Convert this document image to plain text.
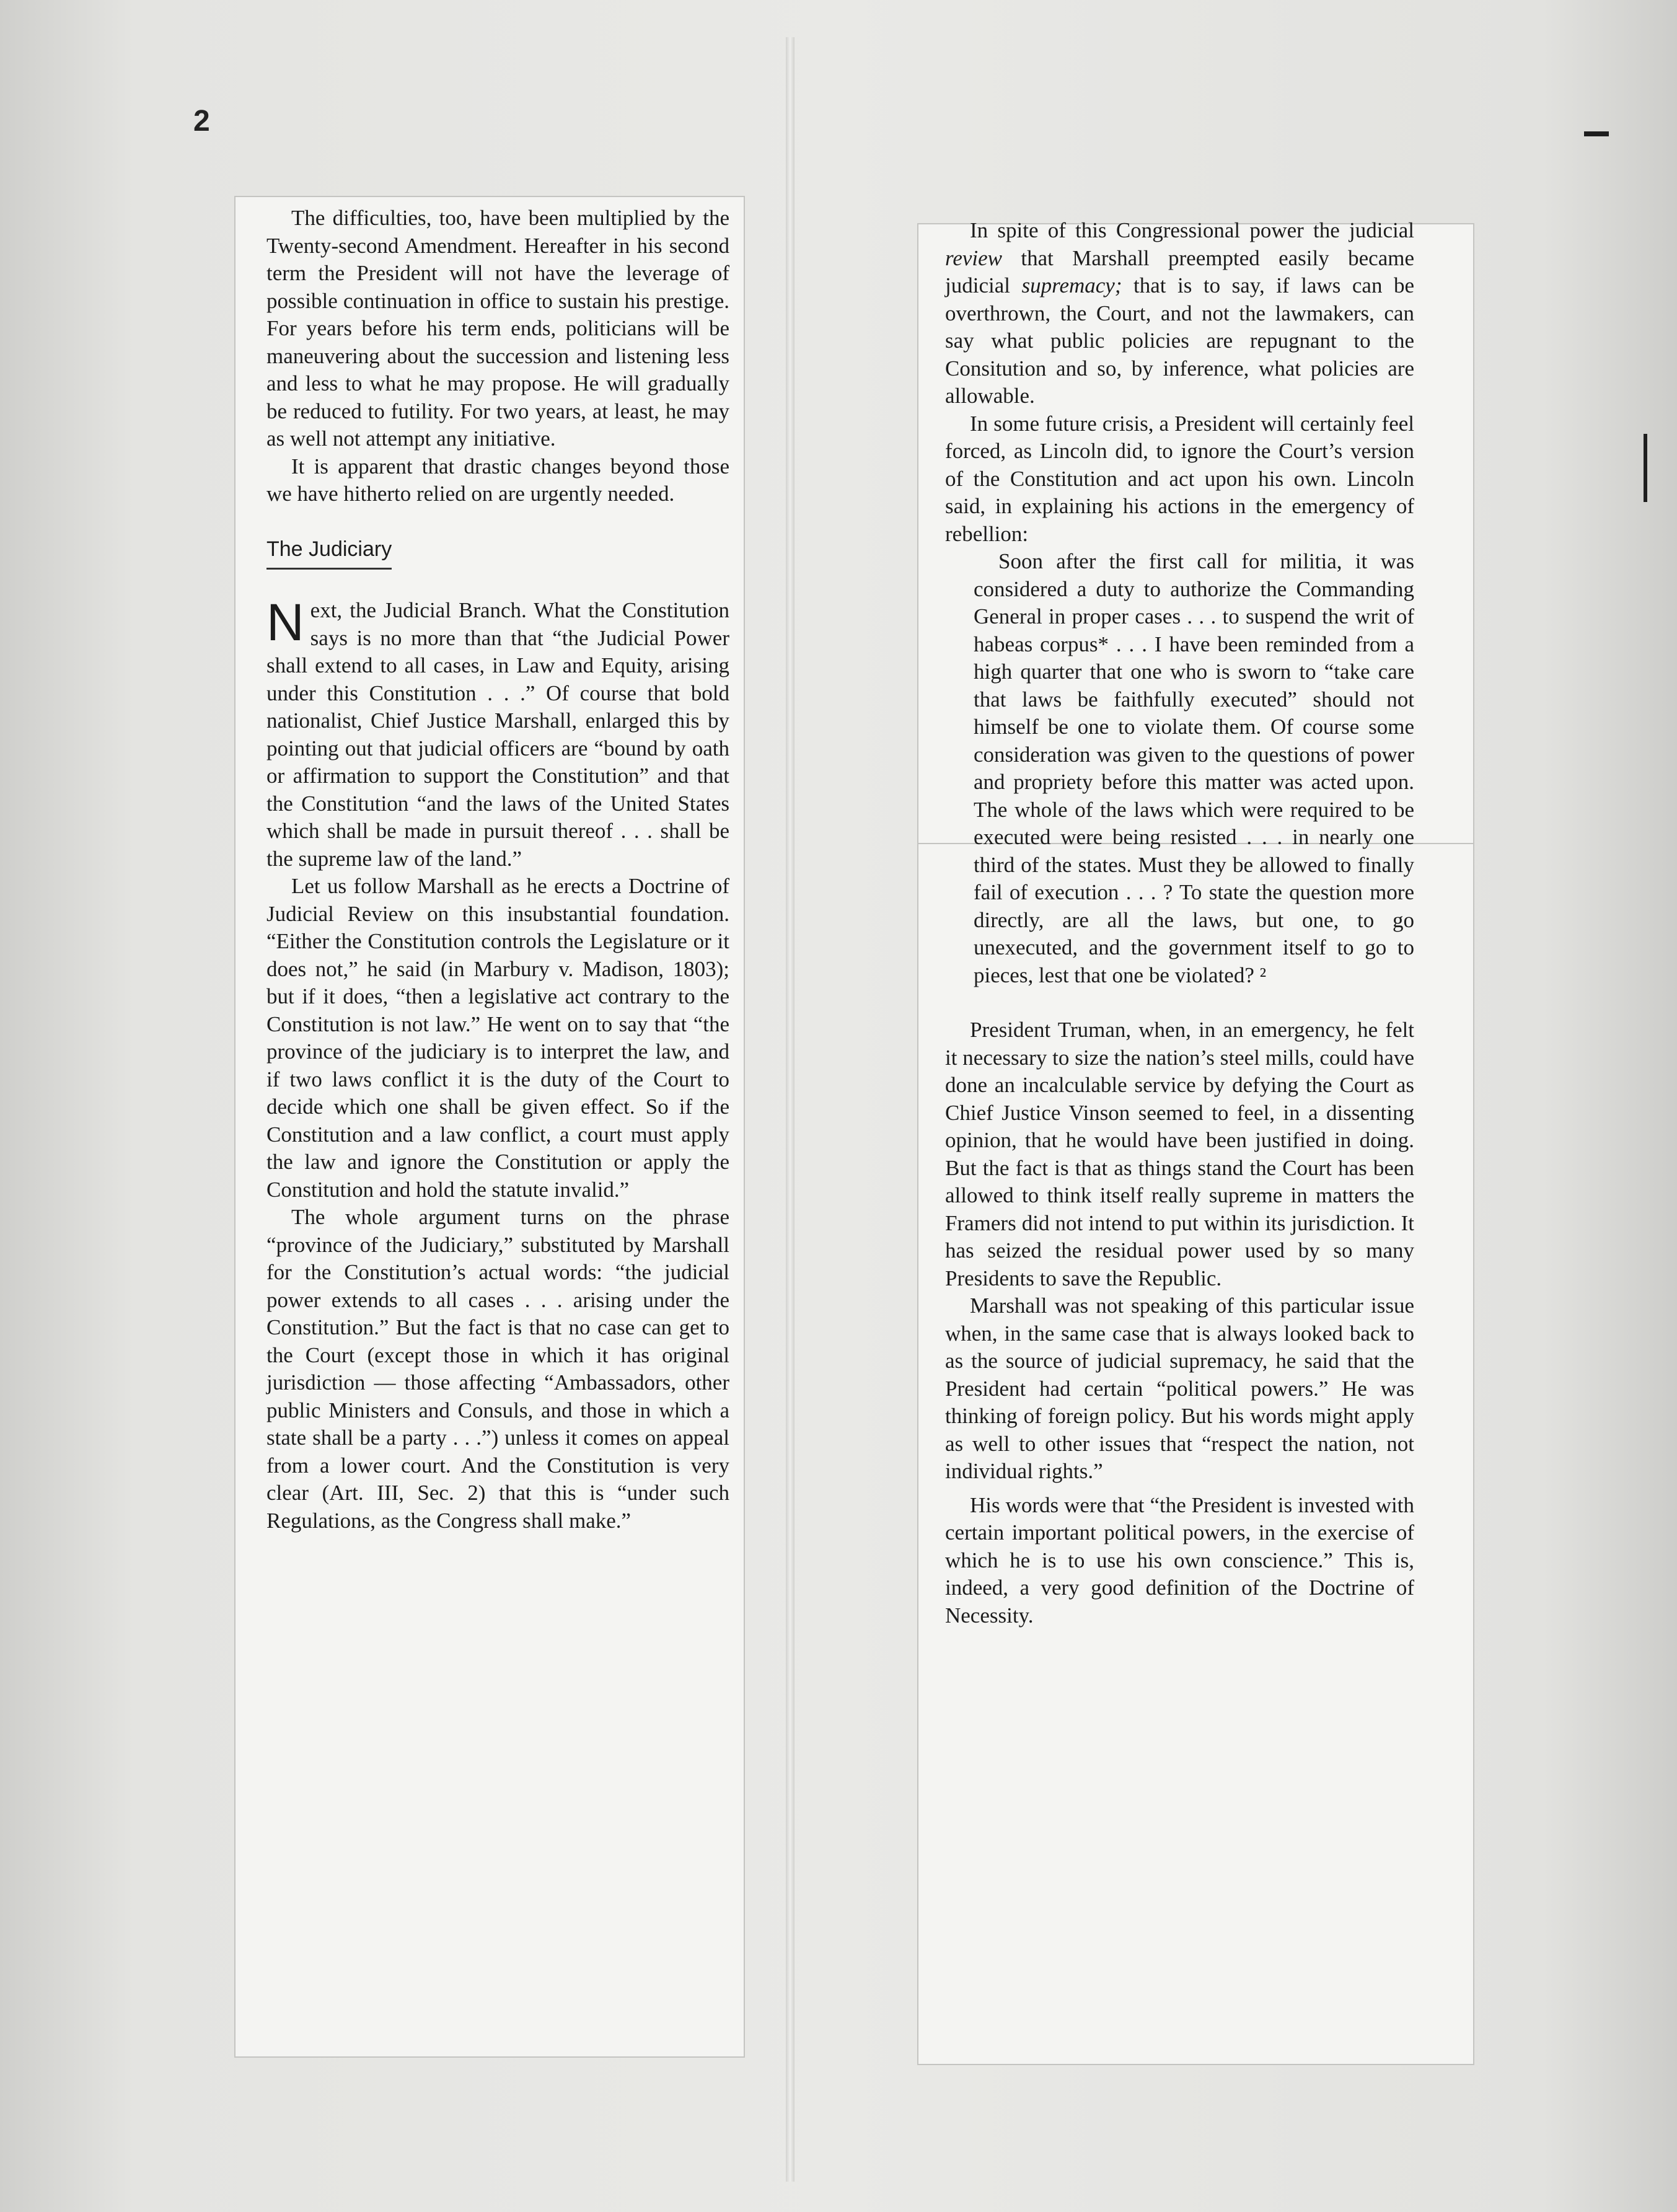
2

The difficulties, too, have been multiplied by the Twenty-second Amendment. Hereafter in his second term the President will not have the leverage of possible continuation in office to sustain his prestige. For years before his term ends, politicians will be maneuvering about the succession and listening less and less to what he may propose. He will gradually be reduced to futility. For two years, at least, he may as well not attempt any initiative.

It is apparent that drastic changes beyond those we have hitherto relied on are urgently needed.

The Judiciary

Next, the Judicial Branch. What the Constitution says is no more than that “the Judicial Power shall extend to all cases, in Law and Equity, arising under this Constitution . . .” Of course that bold nationalist, Chief Justice Marshall, enlarged this by pointing out that judicial officers are “bound by oath or affirmation to support the Constitution” and that the Constitution “and the laws of the United States which shall be made in pursuit thereof . . . shall be the supreme law of the land.”

Let us follow Marshall as he erects a Doctrine of Judicial Review on this insubstantial foundation. “Either the Constitution controls the Legislature or it does not,” he said (in Marbury v. Madison, 1803); but if it does, “then a legislative act contrary to the Constitution is not law.” He went on to say that “the province of the judiciary is to interpret the law, and if two laws conflict it is the duty of the Court to decide which one shall be given effect. So if the Constitution and a law conflict, a court must apply the law and ignore the Constitution or apply the Constitution and hold the statute invalid.”

The whole argument turns on the phrase “province of the Judiciary,” substituted by Marshall for the Constitution’s actual words: “the judicial power extends to all cases . . . arising under the Constitution.” But the fact is that no case can get to the Court (except those in which it has original jurisdiction — those affecting “Ambassadors, other public Ministers and Consuls, and those in which a state shall be a party . . .”) unless it comes on appeal from a lower court. And the Constitution is very clear (Art. III, Sec. 2) that this is “under such Regulations, as the Congress shall make.”

In spite of this Congressional power the judicial review that Marshall preempted easily became judicial supremacy; that is to say, if laws can be overthrown, the Court, and not the lawmakers, can say what public policies are repugnant to the Consitution and so, by inference, what policies are allowable.

In some future crisis, a President will certainly feel forced, as Lincoln did, to ignore the Court’s version of the Constitution and act upon his own. Lincoln said, in explaining his actions in the emergency of rebellion:

Soon after the first call for militia, it was considered a duty to authorize the Commanding General in proper cases . . . to suspend the writ of habeas corpus* . . . I have been reminded from a high quarter that one who is sworn to “take care that laws be faithfully executed” should not himself be one to violate them. Of course some consideration was given to the questions of power and propriety before this matter was acted upon. The whole of the laws which were required to be executed were being resisted . . . in nearly one third of the states. Must they be allowed to finally fail of execution . . . ? To state the question more directly, are all the laws, but one, to go unexecuted, and the government itself to go to pieces, lest that one be violated? ²

President Truman, when, in an emergency, he felt it necessary to size the nation’s steel mills, could have done an incalculable service by defying the Court as Chief Justice Vinson seemed to feel, in a dissenting opinion, that he would have been justified in doing. But the fact is that as things stand the Court has been allowed to think itself really supreme in matters the Framers did not intend to put within its jurisdiction. It has seized the residual power used by so many Presidents to save the Republic.

Marshall was not speaking of this particular issue when, in the same case that is always looked back to as the source of judicial supremacy, he said that the President had certain “political powers.” He was thinking of foreign policy. But his words might apply as well to other issues that “respect the nation, not individual rights.”

His words were that “the President is invested with certain important political powers, in the exercise of which he is to use his own conscience.” This is, indeed, a very good definition of the Doctrine of Necessity.
